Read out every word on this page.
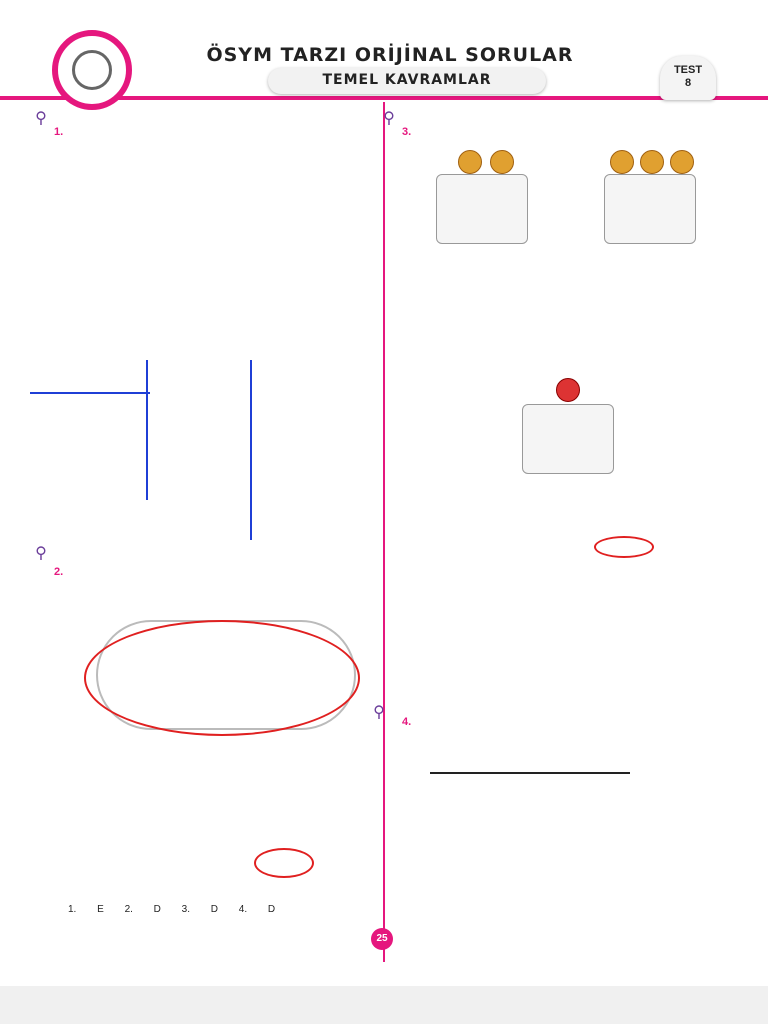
ÖSYM TARZI ORİJİNAL SORULAR
TEMEL KAVRAMLAR
TEST
8
⚲
1.
⚲
3.
⚲
2.
⚲
4.
1. E 2. D 3. D 4. D
25
